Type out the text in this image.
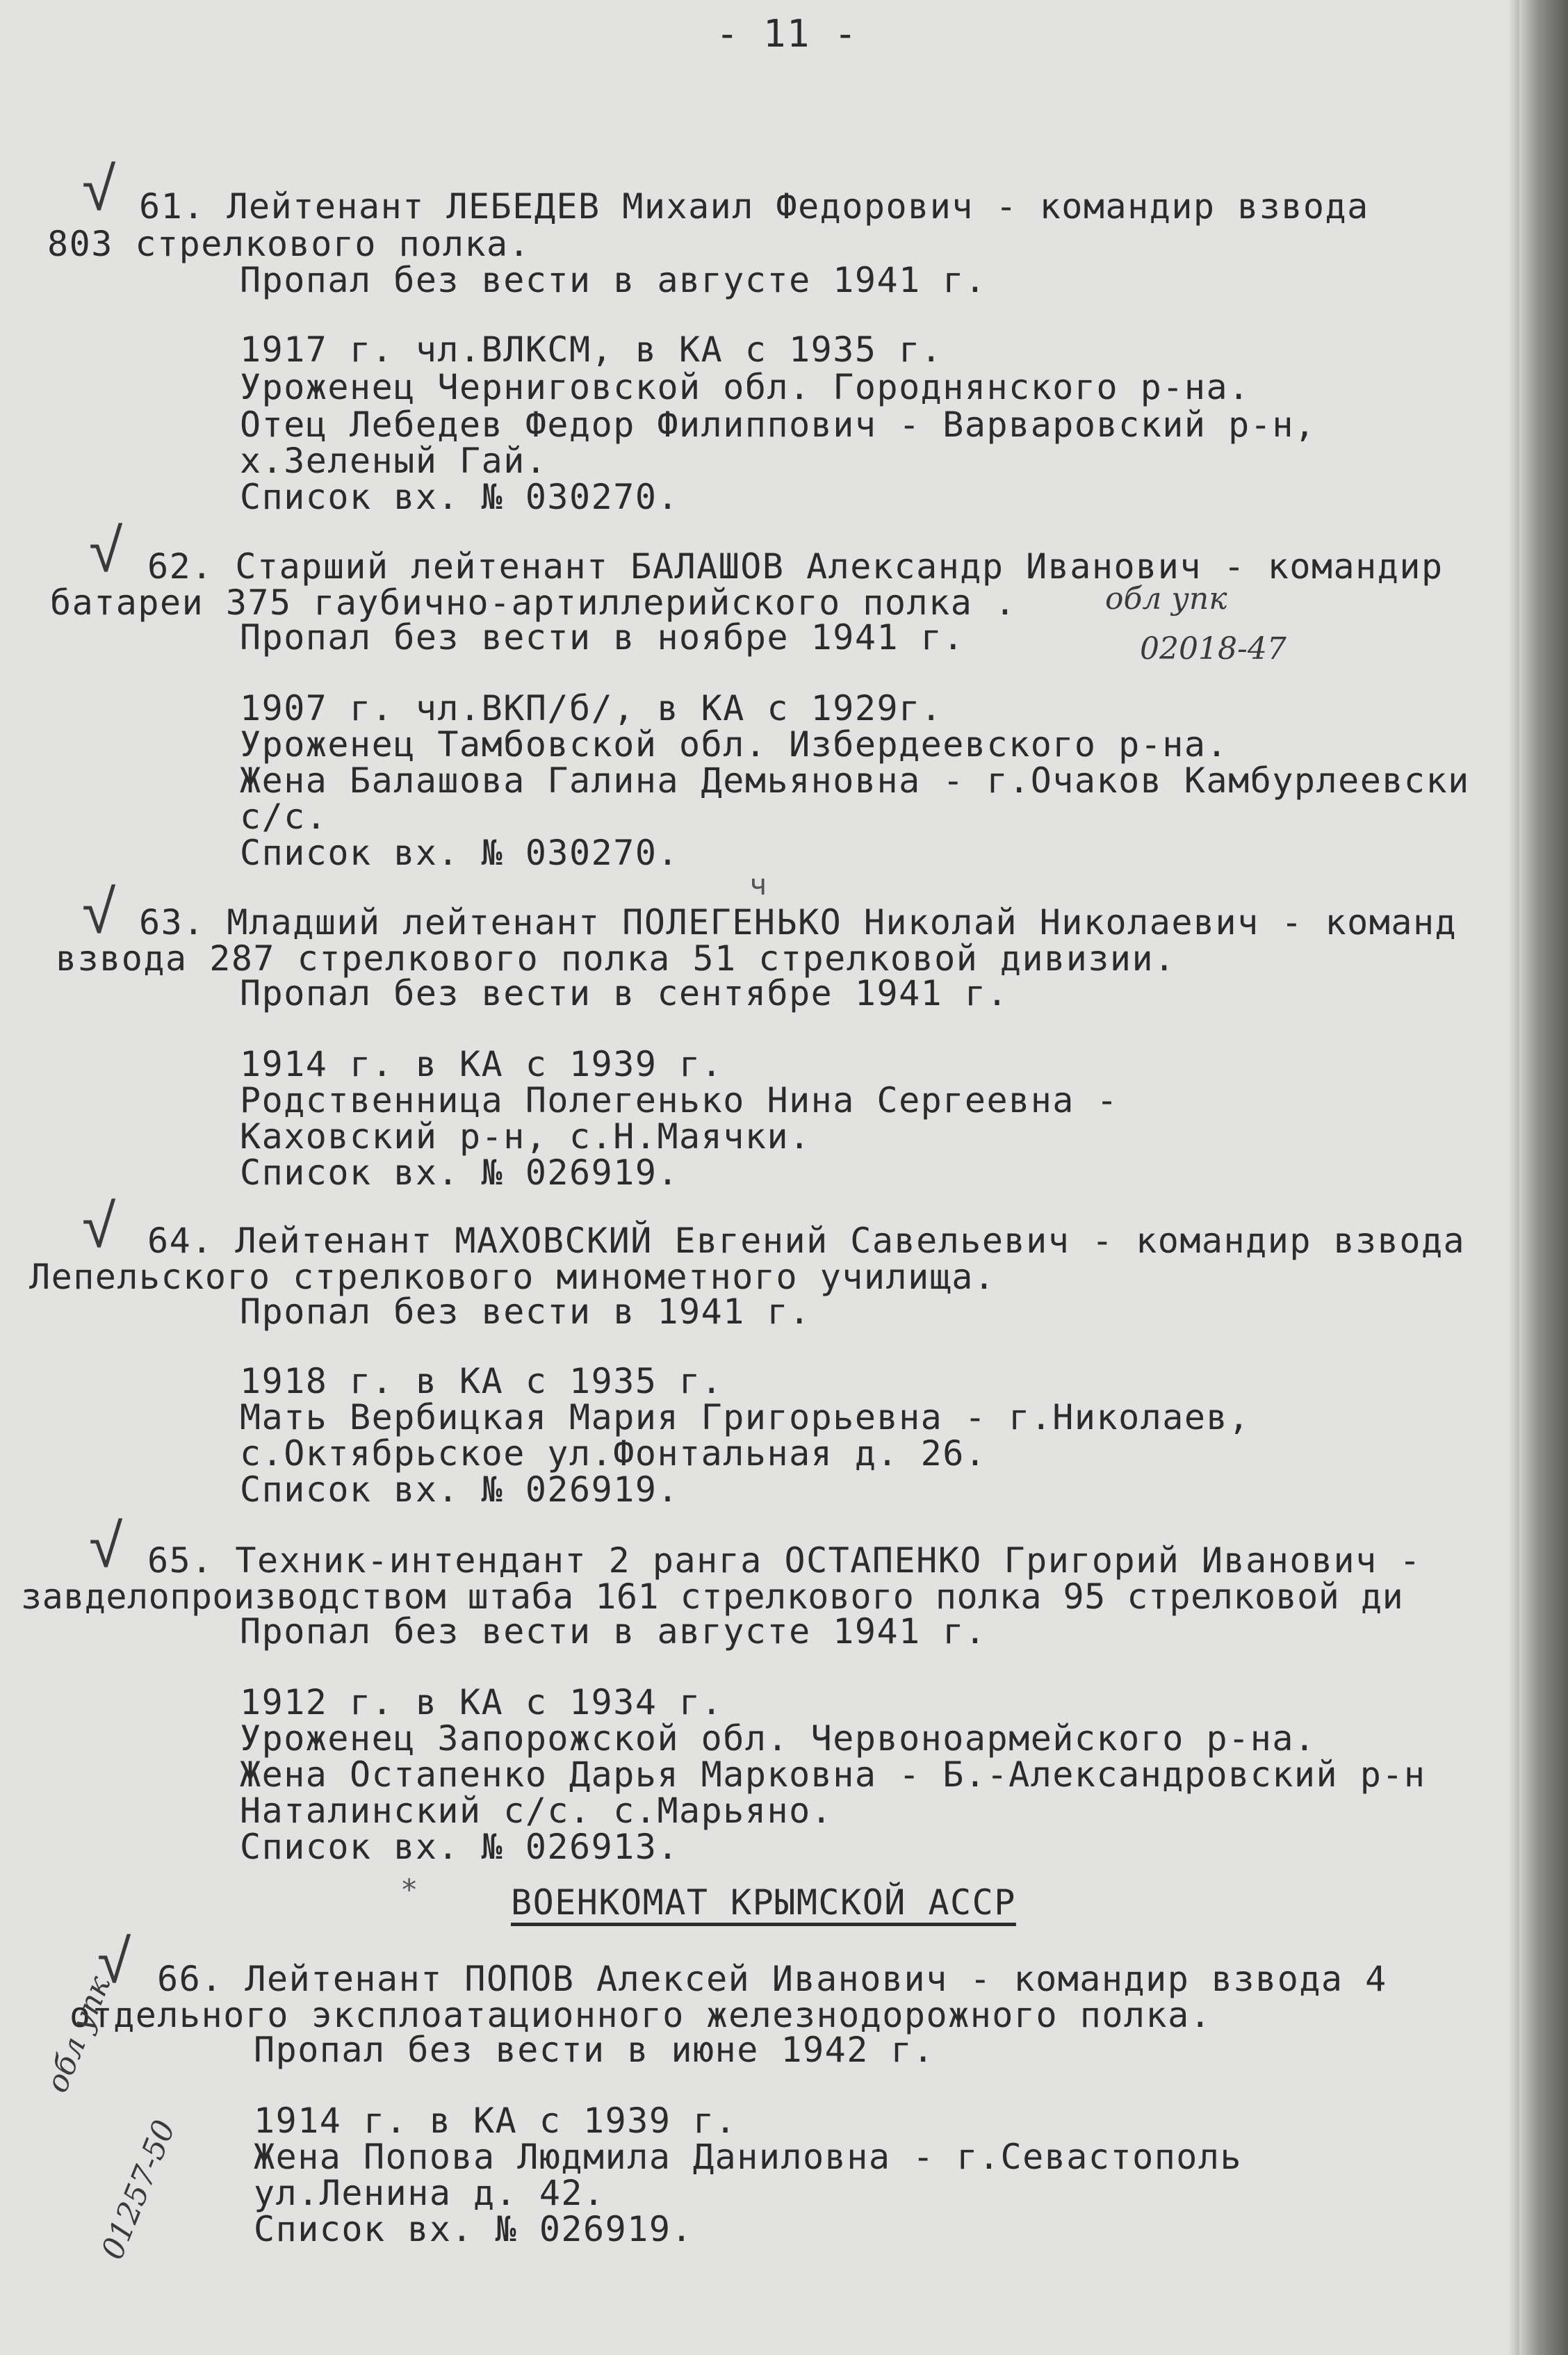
- 11 -
√ 61. Лейтенант ЛЕБЕДЕВ Михаил Федорович - командир взвода
803 стрелкового полка.
Пропал без вести в августе 1941 г.
1917 г. чл.ВЛКСМ, в КА с 1935 г.
Уроженец Черниговской обл. Городнянского р-на.
Отец Лебедев Федор Филиппович - Варваровский р-н,
х.Зеленый Гай.
Список вх. № 030270.
√ 62. Старший лейтенант БАЛАШОВ Александр Иванович - командир
батареи 375 гаубично-артиллерийского полка .
Пропал без вести в ноябре 1941 г.
обл упк
02018-47
1907 г. чл.ВКП/б/, в КА с 1929г.
Уроженец Тамбовской обл. Избердеевского р-на.
Жена Балашова Галина Демьяновна - г.Очаков Камбурлеевски
с/с.
Список вх. № 030270.
ч
√ 63. Младший лейтенант ПОЛЕГЕНЬКО Николай Николаевич - команд
взвода 287 стрелкового полка 51 стрелковой дивизии.
Пропал без вести в сентябре 1941 г.
1914 г. в КА с 1939 г.
Родственница Полегенько Нина Сергеевна -
Каховский р-н, с.Н.Маячки.
Список вх. № 026919.
√ 64. Лейтенант МАХОВСКИЙ Евгений Савельевич - командир взвода
Лепельского стрелкового минометного училища.
Пропал без вести в 1941 г.
1918 г. в КА с 1935 г.
Мать Вербицкая Мария Григорьевна - г.Николаев,
с.Октябрьское ул.Фонтальная д. 26.
Список вх. № 026919.
√ 65. Техник-интендант 2 ранга ОСТАПЕНКО Григорий Иванович -
завделопроизводством штаба 161 стрелкового полка 95 стрелковой ди
Пропал без вести в августе 1941 г.
1912 г. в КА с 1934 г.
Уроженец Запорожской обл. Червоноармейского р-на.
Жена Остапенко Дарья Марковна - Б.-Александровский р-н
Наталинский с/с. с.Марьяно.
Список вх. № 026913.
*	ВОЕНКОМАТ КРЫМСКОЙ АССР
√ 66. Лейтенант ПОПОВ Алексей Иванович - командир взвода 4
отдельного эксплоатационного железнодорожного полка.
Пропал без вести в июне 1942 г.
1914 г. в КА с 1939 г.
Жена Попова Людмила Даниловна - г.Севастополь
ул.Ленина д. 42.
Список вх. № 026919.
обл упк
01257-50
